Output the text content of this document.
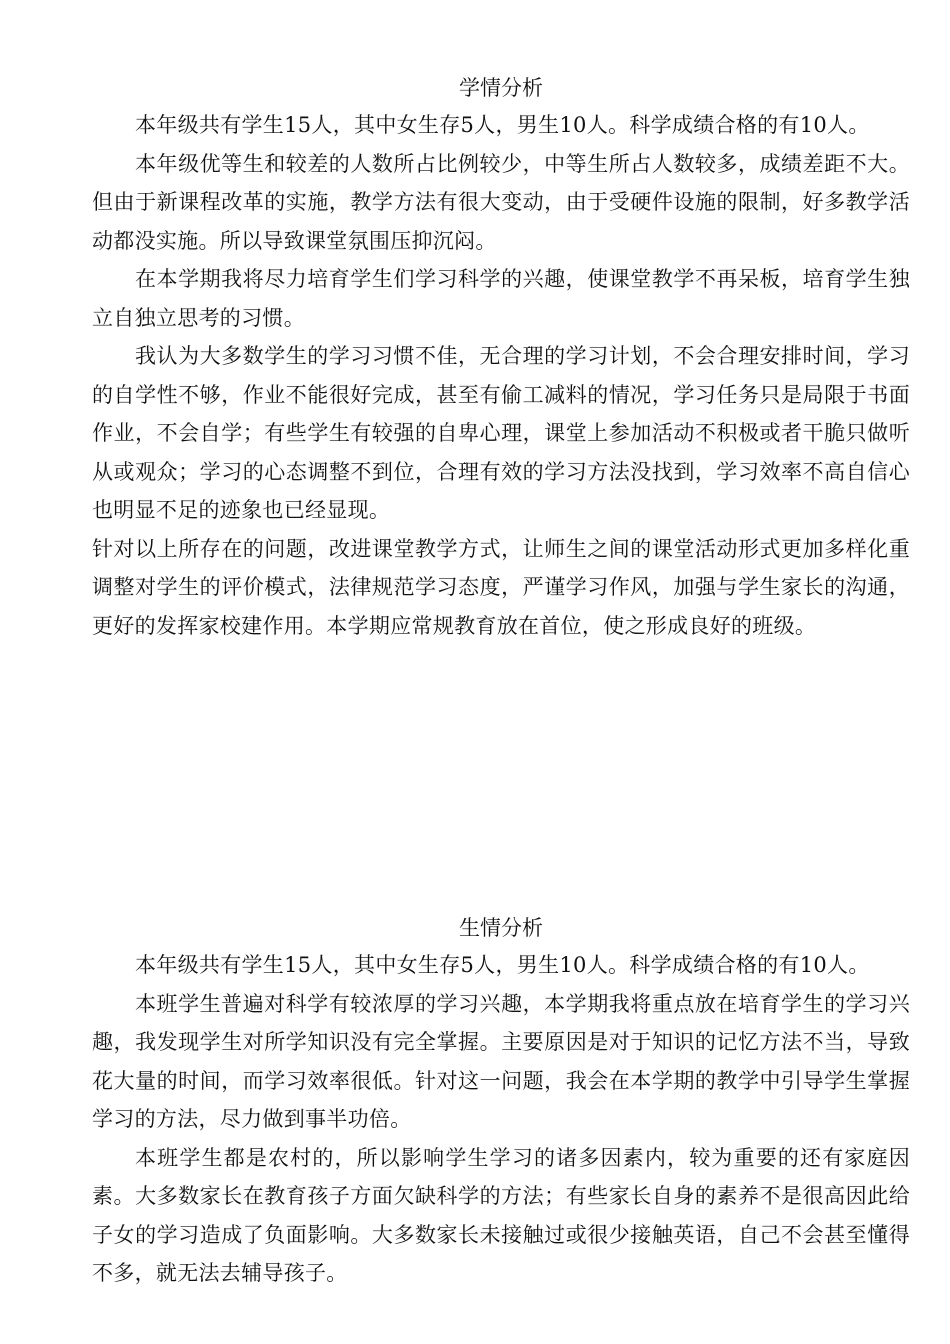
学情分析

本年级共有学生15人，其中女生存5人，男生10人。科学成绩合格的有10人。

本年级优等生和较差的人数所占比例较少，中等生所占人数较多，成绩差距不大。但由于新课程改革的实施，教学方法有很大变动，由于受硬件设施的限制，好多教学活动都没实施。所以导致课堂氛围压抑沉闷。

在本学期我将尽力培育学生们学习科学的兴趣，使课堂教学不再呆板，培育学生独立自独立思考的习惯。

我认为大多数学生的学习习惯不佳，无合理的学习计划，不会合理安排时间，学习的自学性不够，作业不能很好完成，甚至有偷工减料的情况，学习任务只是局限于书面作业，不会自学；有些学生有较强的自卑心理，课堂上参加活动不积极或者干脆只做听从或观众；学习的心态调整不到位，合理有效的学习方法没找到，学习效率不高自信心也明显不足的迹象也已经显现。

针对以上所存在的问题，改进课堂教学方式，让师生之间的课堂活动形式更加多样化重调整对学生的评价模式，法律规范学习态度，严谨学习作风，加强与学生家长的沟通，更好的发挥家校建作用。本学期应常规教育放在首位，使之形成良好的班级。

生情分析

本年级共有学生15人，其中女生存5人，男生10人。科学成绩合格的有10人。

本班学生普遍对科学有较浓厚的学习兴趣，本学期我将重点放在培育学生的学习兴趣，我发现学生对所学知识没有完全掌握。主要原因是对于知识的记忆方法不当，导致花大量的时间，而学习效率很低。针对这一问题，我会在本学期的教学中引导学生掌握学习的方法，尽力做到事半功倍。

本班学生都是农村的，所以影响学生学习的诸多因素内，较为重要的还有家庭因素。大多数家长在教育孩子方面欠缺科学的方法；有些家长自身的素养不是很高因此给子女的学习造成了负面影响。大多数家长未接触过或很少接触英语，自己不会甚至懂得不多，就无法去辅导孩子。
